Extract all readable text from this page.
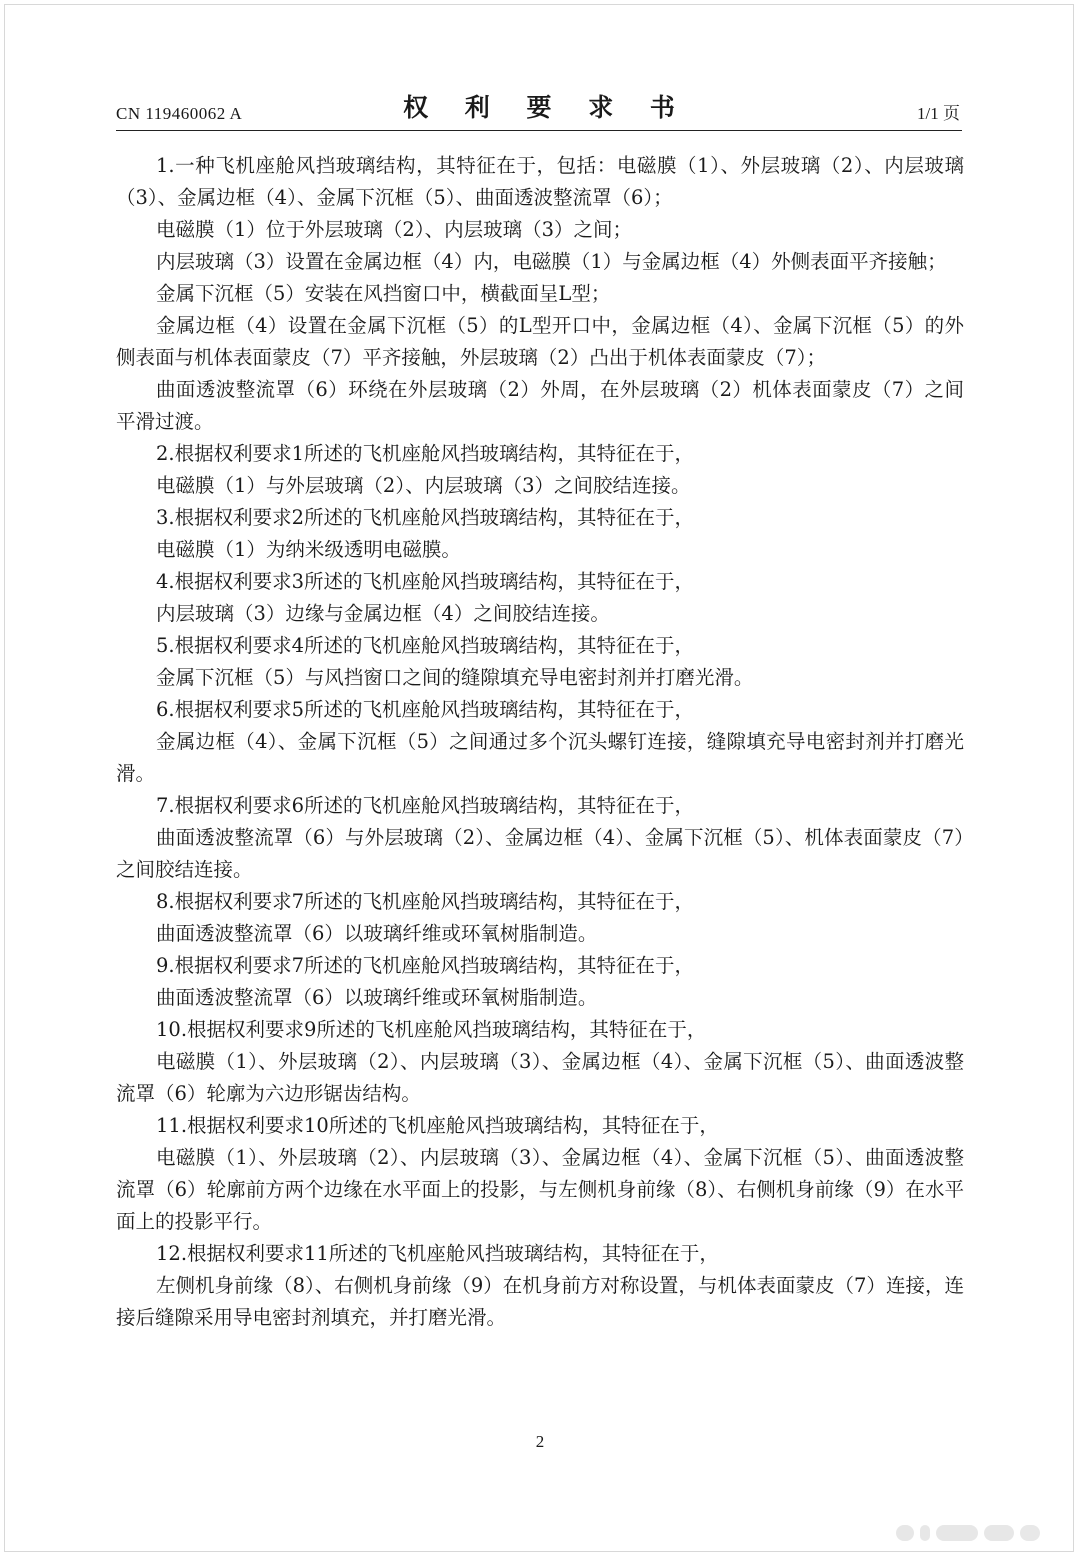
CN 119460062 A	权 利 要 求 书	1/1 页

1.一种飞机座舱风挡玻璃结构，其特征在于，包括：电磁膜（1）、外层玻璃（2）、内层玻璃（3）、金属边框（4）、金属下沉框（5）、曲面透波整流罩（6）；

电磁膜（1）位于外层玻璃（2）、内层玻璃（3）之间；

内层玻璃（3）设置在金属边框（4）内，电磁膜（1）与金属边框（4）外侧表面平齐接触；

金属下沉框（5）安装在风挡窗口中，横截面呈L型；

金属边框（4）设置在金属下沉框（5）的L型开口中，金属边框（4）、金属下沉框（5）的外侧表面与机体表面蒙皮（7）平齐接触，外层玻璃（2）凸出于机体表面蒙皮（7）；

曲面透波整流罩（6）环绕在外层玻璃（2）外周，在外层玻璃（2）机体表面蒙皮（7）之间平滑过渡。

2.根据权利要求1所述的飞机座舱风挡玻璃结构，其特征在于，

电磁膜（1）与外层玻璃（2）、内层玻璃（3）之间胶结连接。

3.根据权利要求2所述的飞机座舱风挡玻璃结构，其特征在于，

电磁膜（1）为纳米级透明电磁膜。

4.根据权利要求3所述的飞机座舱风挡玻璃结构，其特征在于，

内层玻璃（3）边缘与金属边框（4）之间胶结连接。

5.根据权利要求4所述的飞机座舱风挡玻璃结构，其特征在于，

金属下沉框（5）与风挡窗口之间的缝隙填充导电密封剂并打磨光滑。

6.根据权利要求5所述的飞机座舱风挡玻璃结构，其特征在于，

金属边框（4）、金属下沉框（5）之间通过多个沉头螺钉连接，缝隙填充导电密封剂并打磨光滑。

7.根据权利要求6所述的飞机座舱风挡玻璃结构，其特征在于，

曲面透波整流罩（6）与外层玻璃（2）、金属边框（4）、金属下沉框（5）、机体表面蒙皮（7）之间胶结连接。

8.根据权利要求7所述的飞机座舱风挡玻璃结构，其特征在于，

曲面透波整流罩（6）以玻璃纤维或环氧树脂制造。

9.根据权利要求7所述的飞机座舱风挡玻璃结构，其特征在于，

曲面透波整流罩（6）以玻璃纤维或环氧树脂制造。

10.根据权利要求9所述的飞机座舱风挡玻璃结构，其特征在于，

电磁膜（1）、外层玻璃（2）、内层玻璃（3）、金属边框（4）、金属下沉框（5）、曲面透波整流罩（6）轮廓为六边形锯齿结构。

11.根据权利要求10所述的飞机座舱风挡玻璃结构，其特征在于，

电磁膜（1）、外层玻璃（2）、内层玻璃（3）、金属边框（4）、金属下沉框（5）、曲面透波整流罩（6）轮廓前方两个边缘在水平面上的投影，与左侧机身前缘（8）、右侧机身前缘（9）在水平面上的投影平行。

12.根据权利要求11所述的飞机座舱风挡玻璃结构，其特征在于，

左侧机身前缘（8）、右侧机身前缘（9）在机身前方对称设置，与机体表面蒙皮（7）连接，连接后缝隙采用导电密封剂填充，并打磨光滑。

2
